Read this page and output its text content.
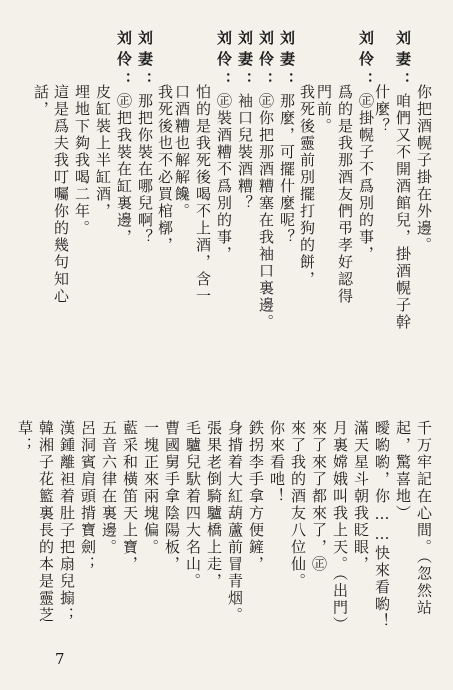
刘妻：咱們又不開酒館兒，掛酒幌子幹 你把酒幌子掛在外邊。
什麼？
刘伶：㊣掛幌子不爲別的事，
爲的是我那酒友們弔孝好認得
門前。
我死後靈前別擺打狗的餅，
刘妻：那麼，可擺什麼呢？
刘伶：㊣你把那酒糟塞在我袖口裏邊。
刘妻：袖口兒裝酒糟？
刘伶：㊣裝酒糟不爲別的事，
怕的是我死後喝不上酒，含一
口酒糟也解解饞。
我死後也不必買棺槨，
刘妻：那把你裝在哪兒啊？
刘伶：㊣把我裝在缸裏邊，
皮缸裝上半缸酒，
埋地下夠我喝二年。
這是爲夫我叮囑你的幾句知心
話，
千万牢記在心間。（忽然站
起，驚喜地）
曖喲喲，你……快來看喲！
滿天星斗朝我眨眼，
月裏嫦娥叫我上天。（出門）
來了來了都來了，㊣
來了我的酒友八位仙。
你來看吔！
鉄拐李手拿方便鏟，
身揹着大紅葫蘆前冒青烟。
張果老倒騎驢橋上走，
毛驢兒馱着四大名山。
曹國舅手拿陰陽板，
一塊正來兩塊偏。
藍采和橫笛天上寶，
五音六律在裏邊。
呂洞賓肩頭揹寶劍；
漢鍾離袒着肚子把扇兒搧；
韓湘子花籃裏長的本是靈芝
草；
7
